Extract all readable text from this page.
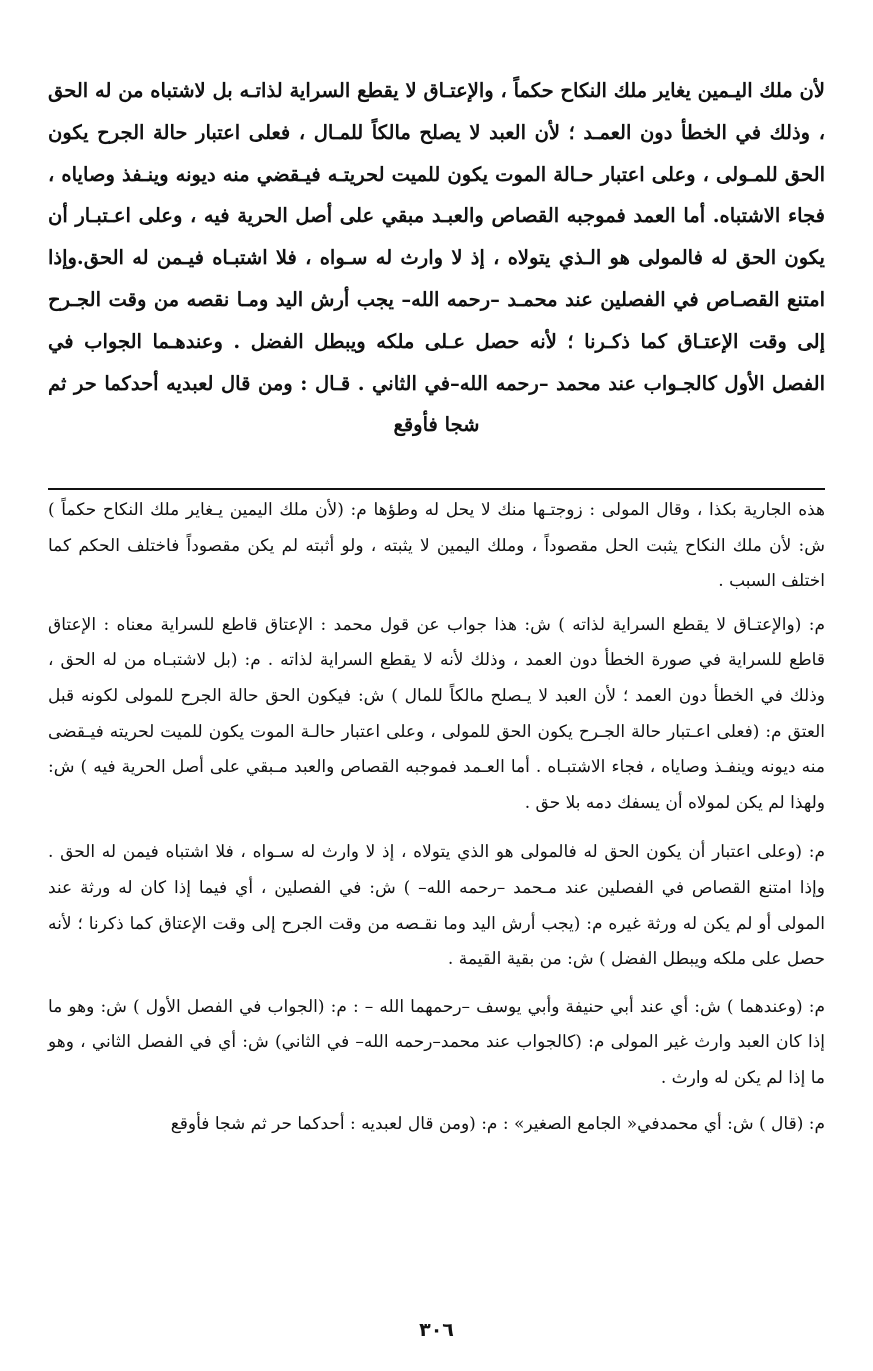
لأن ملك اليـمين يغاير ملك النكاح حكماً ، والإعتـاق لا يقطع السراية لذاتـه بل لاشتباه من له الحق ، وذلك في الخطأ دون العمـد ؛ لأن العبد لا يصلح مالكاً للمـال ، فعلى اعتبار حالة الجرح يكون الحق للمـولى ، وعلى اعتبار حـالة الموت يكون للميت لحريتـه فيـقضي منه ديونه وينـفذ وصاياه ، فجاء الاشتباه. أما العمد فموجبه القصاص والعبـد مبقي على أصل الحرية فيه ، وعلى اعـتبـار أن يكون الحق له فالمولى هو الـذي يتولاه ، إذ لا وارث له سـواه ، فلا اشتبـاه فيـمن له الحق.وإذا امتنع القصـاص في الفصلين عند محمـد –رحمه الله– يجب أرش اليد ومـا نقصه من وقت الجـرح إلى وقت الإعتـاق كما ذكـرنا ؛ لأنه حصل عـلى ملكه ويبطل الفضل . وعندهـما الجواب في الفصل الأول كالجـواب عند محمد –رحمه الله–في الثاني . قـال : ومن قال لعبديه أحدكما حر ثم شجا فأوقع

هذه الجارية بكذا ، وقال المولى : زوجتـها منك لا يحل له وطؤها م: (لأن ملك اليمين يـغاير ملك النكاح حكماً ) ش: لأن ملك النكاح يثبت الحل مقصوداً ، وملك اليمين لا يثبته ، ولو أثبته لم يكن مقصوداً فاختلف الحكم كما اختلف السبب .

م: (والإعتـاق لا يقطع السراية لذاته ) ش: هذا جواب عن قول محمد : الإعتاق قاطع للسراية معناه : الإعتاق قاطع للسراية في صورة الخطأ دون العمد ، وذلك لأنه لا يقطع السراية لذاته . م: (بل لاشتبـاه من له الحق ، وذلك في الخطأ دون العمد ؛ لأن العبد لا يـصلح مالكاً للمال ) ش: فيكون الحق حالة الجرح للمولى لكونه قبل العتق م: (فعلى اعـتبار حالة الجـرح يكون الحق للمولى ، وعلى اعتبار حالـة الموت يكون للميت لحريته فيـقضى منه ديونه وينفـذ وصاياه ، فجاء الاشتبـاه . أما العـمد فموجبه القصاص والعبد مـبقي على أصل الحرية فيه ) ش: ولهذا لم يكن لمولاه أن يسفك دمه بلا حق .

م: (وعلى اعتبار أن يكون الحق له فالمولى هو الذي يتولاه ، إذ لا وارث له سـواه ، فلا اشتباه فيمن له الحق . وإذا امتنع القصاص في الفصلين عند مـحمد –رحمه الله– ) ش: في الفصلين ، أي فيما إذا كان له ورثة عند المولى أو لم يكن له ورثة غيره م: (يجب أرش اليد وما نقـصه من وقت الجرح إلى وقت الإعتاق كما ذكرنا ؛ لأنه حصل على ملكه ويبطل الفضل ) ش: من بقية القيمة .

م: (وعندهما ) ش: أي عند أبي حنيفة وأبي يوسف –رحمهما الله – : م: (الجواب في الفصل الأول ) ش: وهو ما إذا كان العبد وارث غير المولى م: (كالجواب عند محمد–رحمه الله– في الثاني) ش: أي في الفصل الثاني ، وهو ما إذا لم يكن له وارث .

م: (قال ) ش: أي محمدفي« الجامع الصغير» : م: (ومن قال لعبديه : أحدكما حر ثم شجا فأوقع

٣٠٦
